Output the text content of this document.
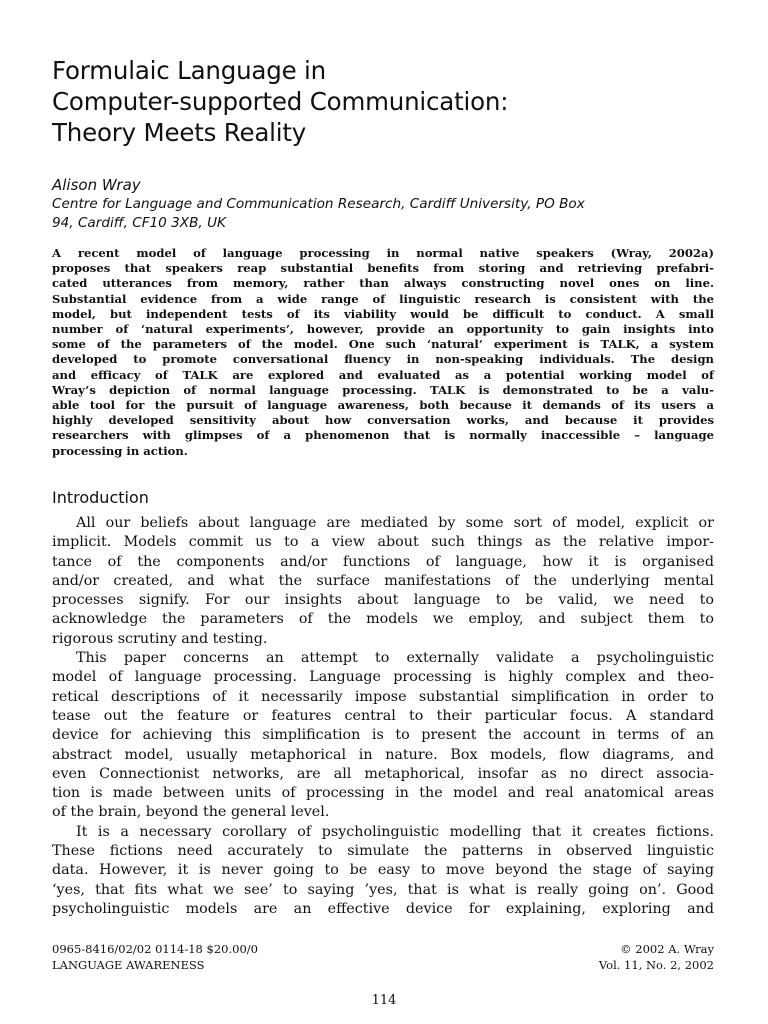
Formulaic Language in
Computer-supported Communication:
Theory Meets Reality
Alison Wray
Centre for Language and Communication Research, Cardiff University, PO Box
94, Cardiff, CF10 3XB, UK
A recent model of language processing in normal native speakers (Wray, 2002a)
proposes that speakers reap substantial benefits from storing and retrieving prefabri-
cated utterances from memory, rather than always constructing novel ones on line.
Substantial evidence from a wide range of linguistic research is consistent with the
model, but independent tests of its viability would be difficult to conduct. A small
number of ‘natural experiments’, however, provide an opportunity to gain insights into
some of the parameters of the model. One such ‘natural’ experiment is TALK, a system
developed to promote conversational fluency in non-speaking individuals. The design
and efficacy of TALK are explored and evaluated as a potential working model of
Wray’s depiction of normal language processing. TALK is demonstrated to be a valu-
able tool for the pursuit of language awareness, both because it demands of its users a
highly developed sensitivity about how conversation works, and because it provides
researchers with glimpses of a phenomenon that is normally inaccessible – language
processing in action.
Introduction
All our beliefs about language are mediated by some sort of model, explicit or
implicit. Models commit us to a view about such things as the relative impor-
tance of the components and/or functions of language, how it is organised
and/or created, and what the surface manifestations of the underlying mental
processes signify. For our insights about language to be valid, we need to
acknowledge the parameters of the models we employ, and subject them to
rigorous scrutiny and testing.
This paper concerns an attempt to externally validate a psycholinguistic
model of language processing. Language processing is highly complex and theo-
retical descriptions of it necessarily impose substantial simplification in order to
tease out the feature or features central to their particular focus. A standard
device for achieving this simplification is to present the account in terms of an
abstract model, usually metaphorical in nature. Box models, flow diagrams, and
even Connectionist networks, are all metaphorical, insofar as no direct associa-
tion is made between units of processing in the model and real anatomical areas
of the brain, beyond the general level.
It is a necessary corollary of psycholinguistic modelling that it creates fictions.
These fictions need accurately to simulate the patterns in observed linguistic
data. However, it is never going to be easy to move beyond the stage of saying
‘yes, that fits what we see’ to saying ’yes, that is what is really going on’. Good
psycholinguistic models are an effective device for explaining, exploring and
0965-8416/02/02 0114-18 $20.00/0	© 2002 A. Wray
LANGUAGE AWARENESS	Vol. 11, No. 2, 2002
114
